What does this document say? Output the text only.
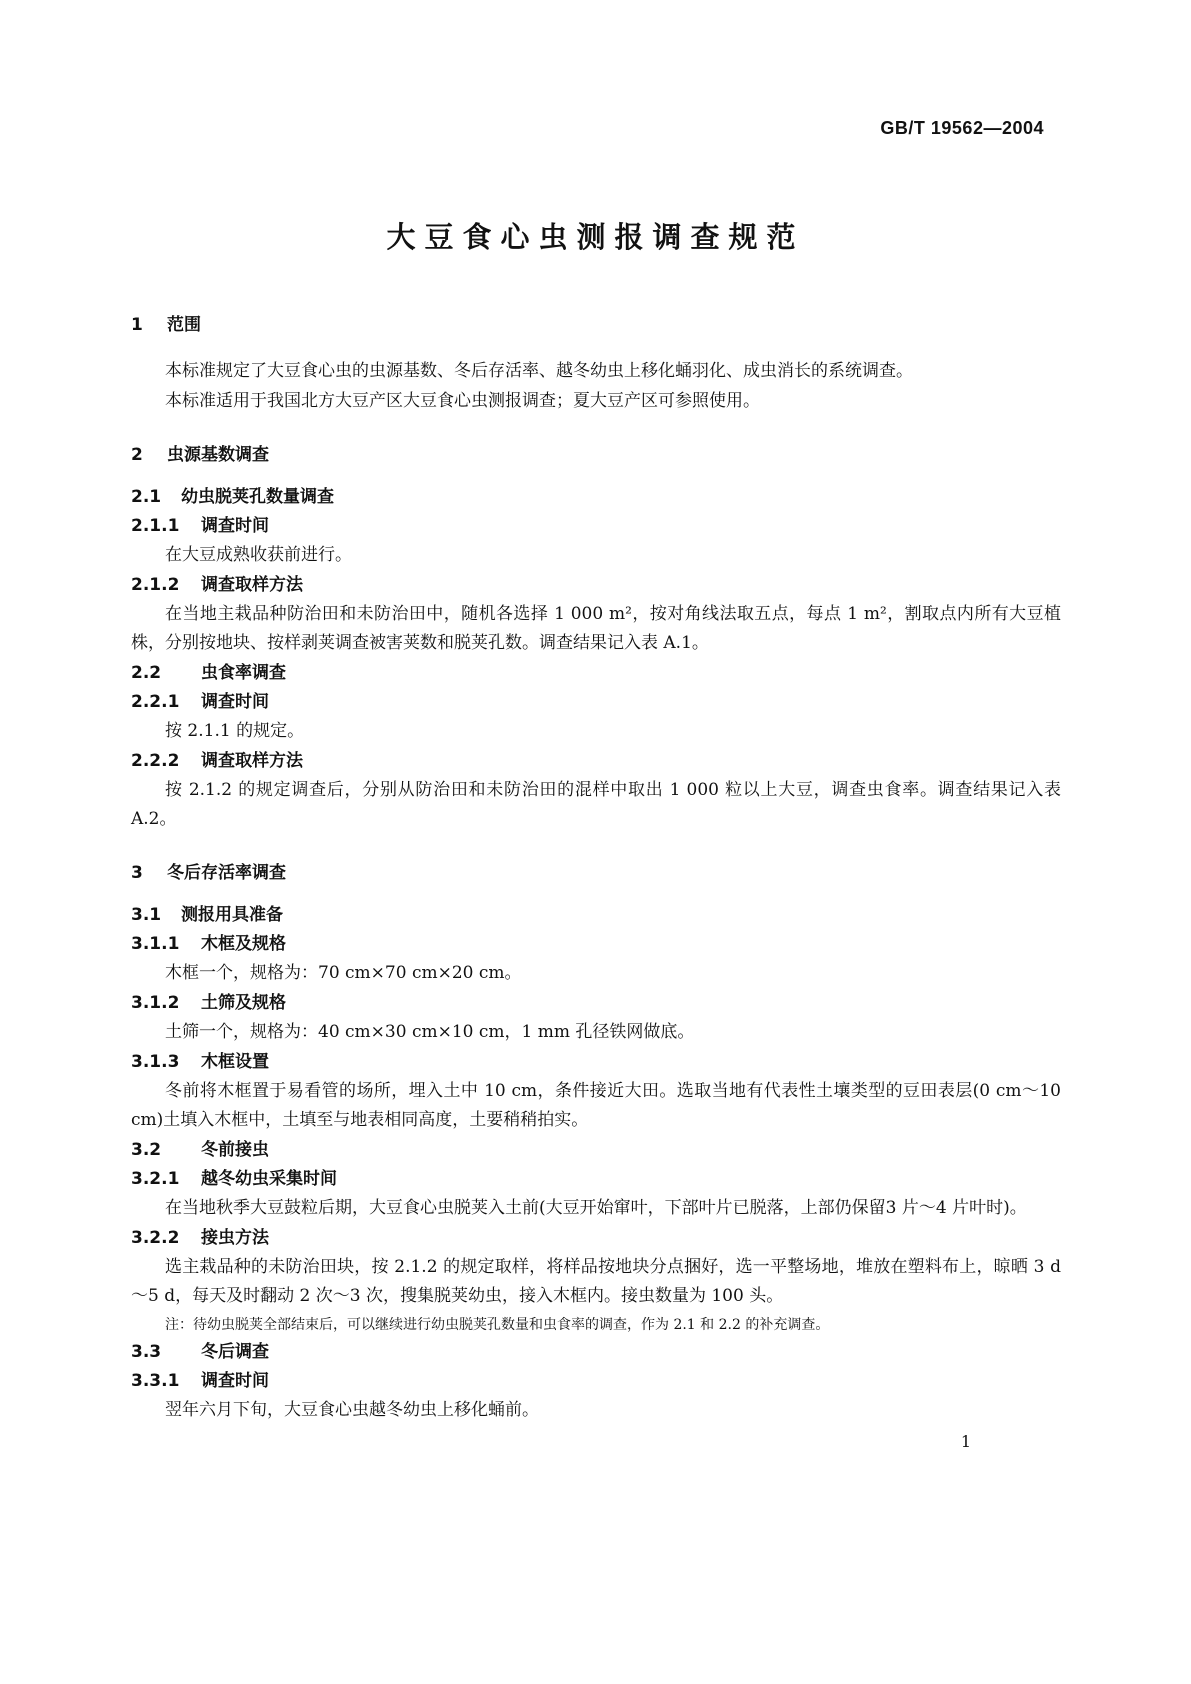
GB/T 19562—2004
大豆食心虫测报调查规范
1 范围
本标准规定了大豆食心虫的虫源基数、冬后存活率、越冬幼虫上移化蛹羽化、成虫消长的系统调查。
本标准适用于我国北方大豆产区大豆食心虫测报调查；夏大豆产区可参照使用。
2 虫源基数调查
2.1 幼虫脱荚孔数量调查
2.1.1 调查时间
在大豆成熟收获前进行。
2.1.2 调查取样方法
在当地主栽品种防治田和未防治田中，随机各选择 1 000 m²，按对角线法取五点，每点 1 m²，割取点内所有大豆植株，分别按地块、按样剥荚调查被害荚数和脱荚孔数。调查结果记入表 A.1。
2.2 虫食率调查
2.2.1 调查时间
按 2.1.1 的规定。
2.2.2 调查取样方法
按 2.1.2 的规定调查后，分别从防治田和未防治田的混样中取出 1 000 粒以上大豆，调查虫食率。调查结果记入表 A.2。
3 冬后存活率调查
3.1 测报用具准备
3.1.1 木框及规格
木框一个，规格为：70 cm×70 cm×20 cm。
3.1.2 土筛及规格
土筛一个，规格为：40 cm×30 cm×10 cm，1 mm 孔径铁网做底。
3.1.3 木框设置
冬前将木框置于易看管的场所，埋入土中 10 cm，条件接近大田。选取当地有代表性土壤类型的豆田表层(0 cm～10 cm)土填入木框中，土填至与地表相同高度，土要稍稍拍实。
3.2 冬前接虫
3.2.1 越冬幼虫采集时间
在当地秋季大豆鼓粒后期，大豆食心虫脱荚入土前(大豆开始窜叶，下部叶片已脱落，上部仍保留3 片～4 片叶时)。
3.2.2 接虫方法
选主栽品种的未防治田块，按 2.1.2 的规定取样，将样品按地块分点捆好，选一平整场地，堆放在塑料布上，晾晒 3 d～5 d，每天及时翻动 2 次～3 次，搜集脱荚幼虫，接入木框内。接虫数量为 100 头。
注：待幼虫脱荚全部结束后，可以继续进行幼虫脱荚孔数量和虫食率的调查，作为 2.1 和 2.2 的补充调查。
3.3 冬后调查
3.3.1 调查时间
翌年六月下旬，大豆食心虫越冬幼虫上移化蛹前。
1
